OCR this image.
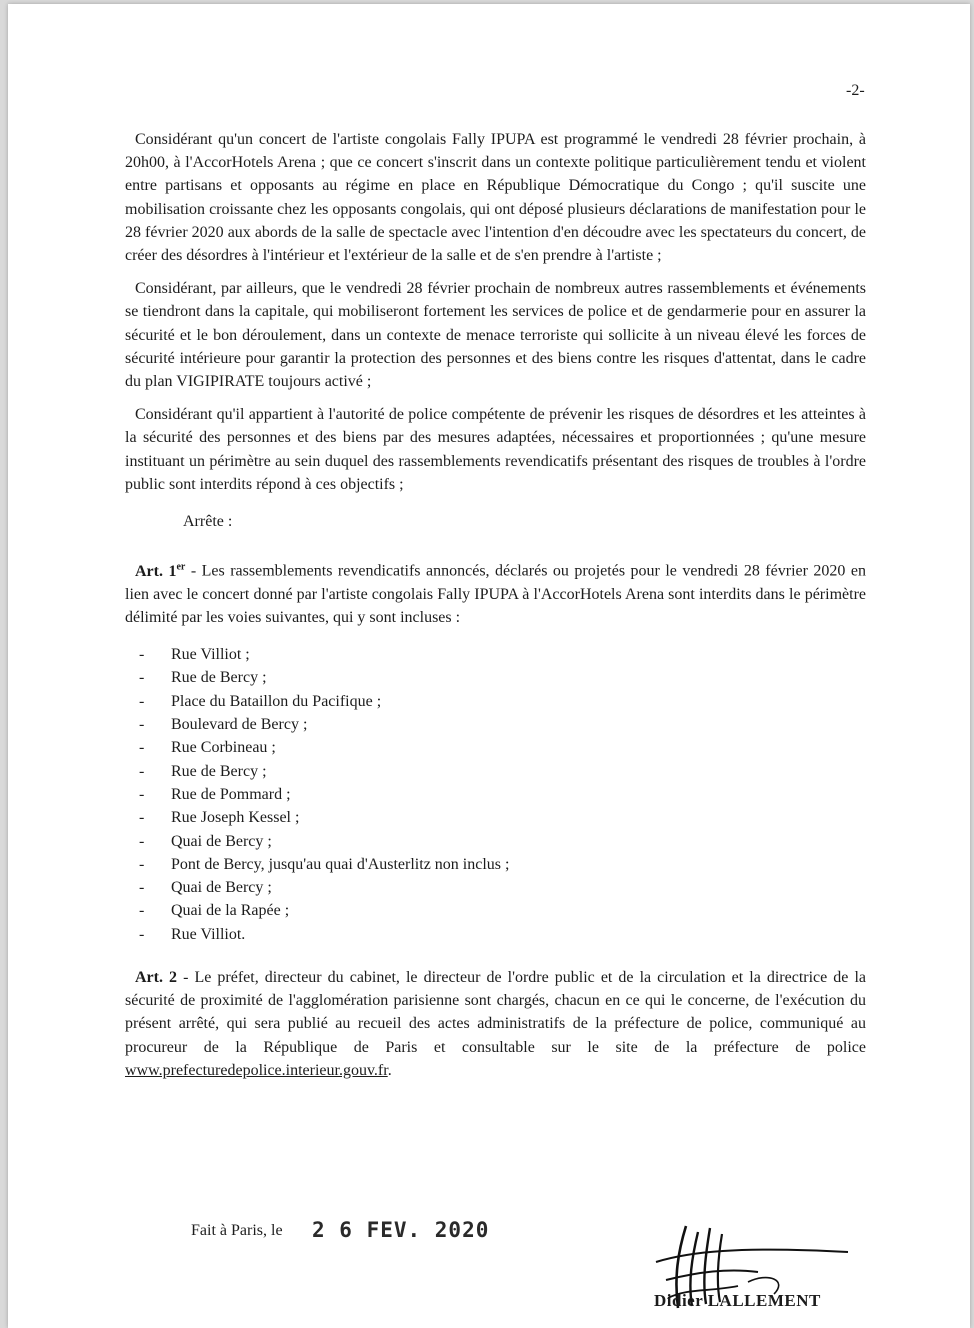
-2-

Considérant qu'un concert de l'artiste congolais Fally IPUPA est programmé le vendredi 28 février prochain, à 20h00, à l'AccorHotels Arena ; que ce concert s'inscrit dans un contexte politique particulièrement tendu et violent entre partisans et opposants au régime en place en République Démocratique du Congo ; qu'il suscite une mobilisation croissante chez les opposants congolais, qui ont déposé plusieurs déclarations de manifestation pour le 28 février 2020 aux abords de la salle de spectacle avec l'intention d'en découdre avec les spectateurs du concert, de créer des désordres à l'intérieur et l'extérieur de la salle et de s'en prendre à l'artiste ;

Considérant, par ailleurs, que le vendredi 28 février prochain de nombreux autres rassemblements et événements se tiendront dans la capitale, qui mobiliseront fortement les services de police et de gendarmerie pour en assurer la sécurité et le bon déroulement, dans un contexte de menace terroriste qui sollicite à un niveau élevé les forces de sécurité intérieure pour garantir la protection des personnes et des biens contre les risques d'attentat, dans le cadre du plan VIGIPIRATE toujours activé ;

Considérant qu'il appartient à l'autorité de police compétente de prévenir les risques de désordres et les atteintes à la sécurité des personnes et des biens par des mesures adaptées, nécessaires et proportionnées ; qu'une mesure instituant un périmètre au sein duquel des rassemblements revendicatifs présentant des risques de troubles à l'ordre public sont interdits répond à ces objectifs ;

Arrête :

Art. 1er - Les rassemblements revendicatifs annoncés, déclarés ou projetés pour le vendredi 28 février 2020 en lien avec le concert donné par l'artiste congolais Fally IPUPA à l'AccorHotels Arena sont interdits dans le périmètre délimité par les voies suivantes, qui y sont incluses :

- Rue Villiot ;
- Rue de Bercy ;
- Place du Bataillon du Pacifique ;
- Boulevard de Bercy ;
- Rue Corbineau ;
- Rue de Bercy ;
- Rue de Pommard ;
- Rue Joseph Kessel ;
- Quai de Bercy ;
- Pont de Bercy, jusqu'au quai d'Austerlitz non inclus ;
- Quai de Bercy ;
- Quai de la Rapée ;
- Rue Villiot.

Art. 2 - Le préfet, directeur du cabinet, le directeur de l'ordre public et de la circulation et la directrice de la sécurité de proximité de l'agglomération parisienne sont chargés, chacun en ce qui le concerne, de l'exécution du présent arrêté, qui sera publié au recueil des actes administratifs de la préfecture de police, communiqué au procureur de la République de Paris et consultable sur le site de la préfecture de police www.prefecturedepolice.interieur.gouv.fr.

Fait à Paris, le 2 6 FEV. 2020
Didier LALLEMENT
